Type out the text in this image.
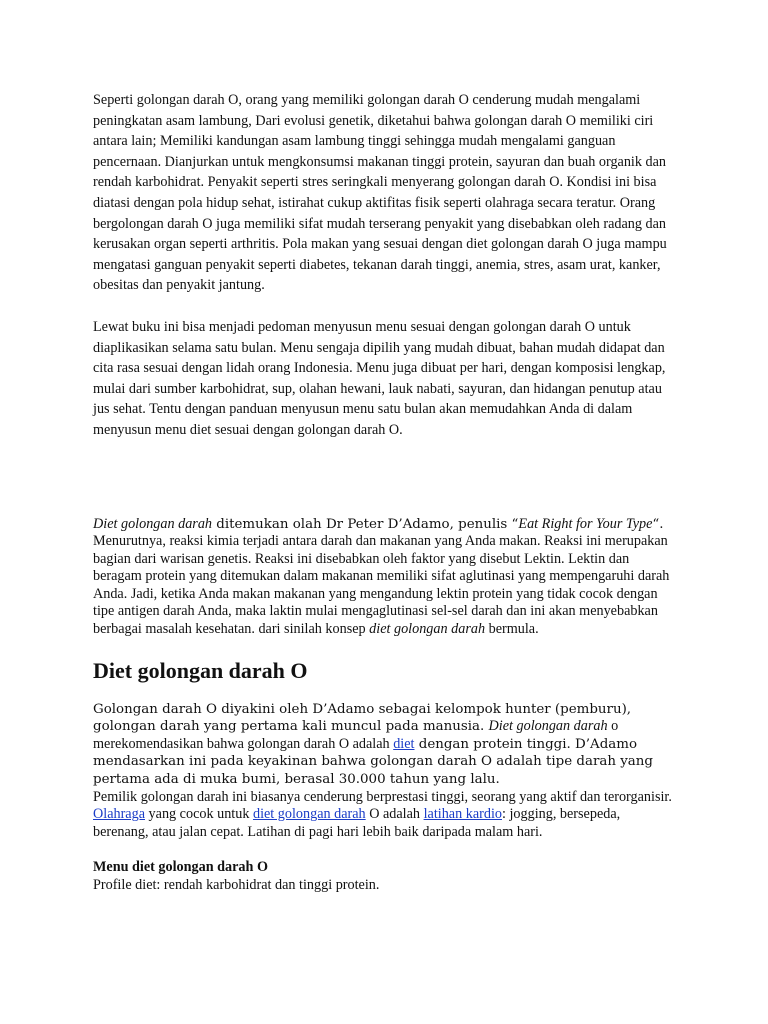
Seperti golongan darah O, orang yang memiliki golongan darah O cenderung mudah mengalami peningkatan asam lambung, Dari evolusi genetik, diketahui bahwa golongan darah O memiliki ciri antara lain; Memiliki kandungan asam lambung tinggi sehingga mudah mengalami ganguan pencernaan. Dianjurkan untuk mengkonsumsi makanan tinggi protein, sayuran dan buah organik dan rendah karbohidrat. Penyakit seperti stres seringkali menyerang golongan darah O. Kondisi ini bisa diatasi dengan pola hidup sehat, istirahat cukup aktifitas fisik seperti olahraga secara teratur. Orang bergolongan darah O juga memiliki sifat mudah terserang penyakit yang disebabkan oleh radang dan kerusakan organ seperti arthritis. Pola makan yang sesuai dengan diet golongan darah O juga mampu mengatasi ganguan penyakit seperti diabetes, tekanan darah tinggi, anemia, stres, asam urat, kanker, obesitas dan penyakit jantung.

Lewat buku ini bisa menjadi pedoman menyusun menu sesuai dengan golongan darah O untuk diaplikasikan selama satu bulan. Menu sengaja dipilih yang mudah dibuat, bahan mudah didapat dan cita rasa sesuai dengan lidah orang Indonesia. Menu juga dibuat per hari, dengan komposisi lengkap, mulai dari sumber karbohidrat, sup, olahan hewani, lauk nabati, sayuran, dan hidangan penutup atau jus sehat. Tentu dengan panduan menyusun menu satu bulan akan memudahkan Anda di dalam menyusun menu diet sesuai dengan golongan darah O.

Diet golongan darah ditemukan olah Dr Peter D’Adamo, penulis “Eat Right for Your Type“. Menurutnya, reaksi kimia terjadi antara darah dan makanan yang Anda makan. Reaksi ini merupakan bagian dari warisan genetis. Reaksi ini disebabkan oleh faktor yang disebut Lektin. Lektin dan beragam protein yang ditemukan dalam makanan memiliki sifat aglutinasi yang mempengaruhi darah Anda. Jadi, ketika Anda makan makanan yang mengandung lektin protein yang tidak cocok dengan tipe antigen darah Anda, maka laktin mulai mengaglutinasi sel-sel darah dan ini akan menyebabkan berbagai masalah kesehatan. dari sinilah konsep diet golongan darah bermula.

Diet golongan darah O

Golongan darah O diyakini oleh D’Adamo sebagai kelompok hunter (pemburu), golongan darah yang pertama kali muncul pada manusia. Diet golongan darah o merekomendasikan bahwa golongan darah O adalah diet dengan protein tinggi. D’Adamo mendasarkan ini pada keyakinan bahwa golongan darah O adalah tipe darah yang pertama ada di muka bumi, berasal 30.000 tahun yang lalu.
Pemilik golongan darah ini biasanya cenderung berprestasi tinggi, seorang yang aktif dan terorganisir.
Olahraga yang cocok untuk diet golongan darah O adalah latihan kardio: jogging, bersepeda, berenang, atau jalan cepat. Latihan di pagi hari lebih baik daripada malam hari.

Menu diet golongan darah O

Profile diet: rendah karbohidrat dan tinggi protein.
